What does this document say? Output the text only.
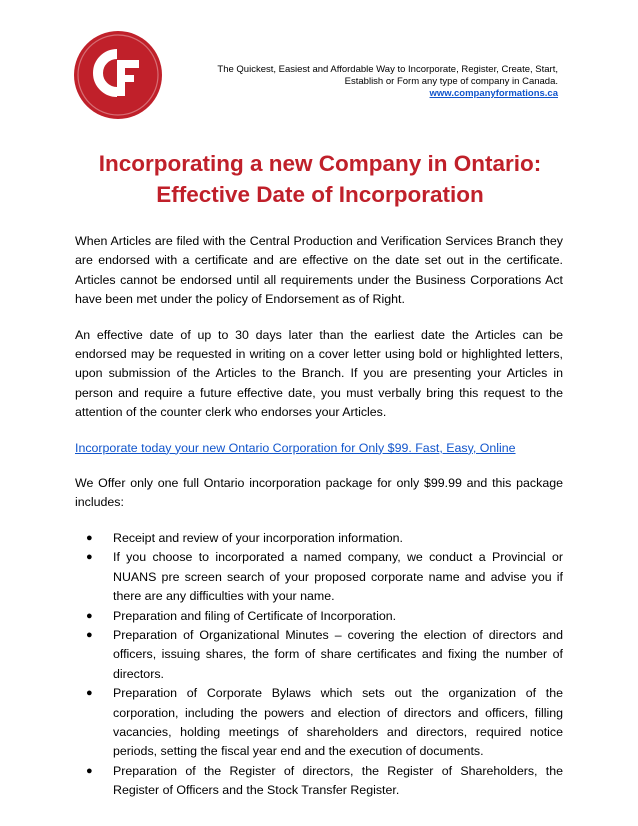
The Quickest, Easiest and Affordable Way to Incorporate, Register, Create, Start,
Establish or Form any type of company in Canada.
www.companyformations.ca
Incorporating a new Company in Ontario:
Effective Date of Incorporation

When Articles are filed with the Central Production and Verification Services Branch they are endorsed with a certificate and are effective on the date set out in the certificate. Articles cannot be endorsed until all requirements under the Business Corporations Act have been met under the policy of Endorsement as of Right.

An effective date of up to 30 days later than the earliest date the Articles can be endorsed may be requested in writing on a cover letter using bold or highlighted letters, upon submission of the Articles to the Branch. If you are presenting your Articles in person and require a future effective date, you must verbally bring this request to the attention of the counter clerk who endorses your Articles.

Incorporate today your new Ontario Corporation for Only $99. Fast, Easy, Online

We Offer only one full Ontario incorporation package for only $99.99 and this package includes:

● Receipt and review of your incorporation information.
● If you choose to incorporated a named company, we conduct a Provincial or NUANS pre screen search of your proposed corporate name and advise you if there are any difficulties with your name.
● Preparation and filing of Certificate of Incorporation.
● Preparation of Organizational Minutes – covering the election of directors and officers, issuing shares, the form of share certificates and fixing the number of directors.
● Preparation of Corporate Bylaws which sets out the organization of the corporation, including the powers and election of directors and officers, filling vacancies, holding meetings of shareholders and directors, required notice periods, setting the fiscal year end and the execution of documents.
● Preparation of the Register of directors, the Register of Shareholders, the Register of Officers and the Stock Transfer Register.
